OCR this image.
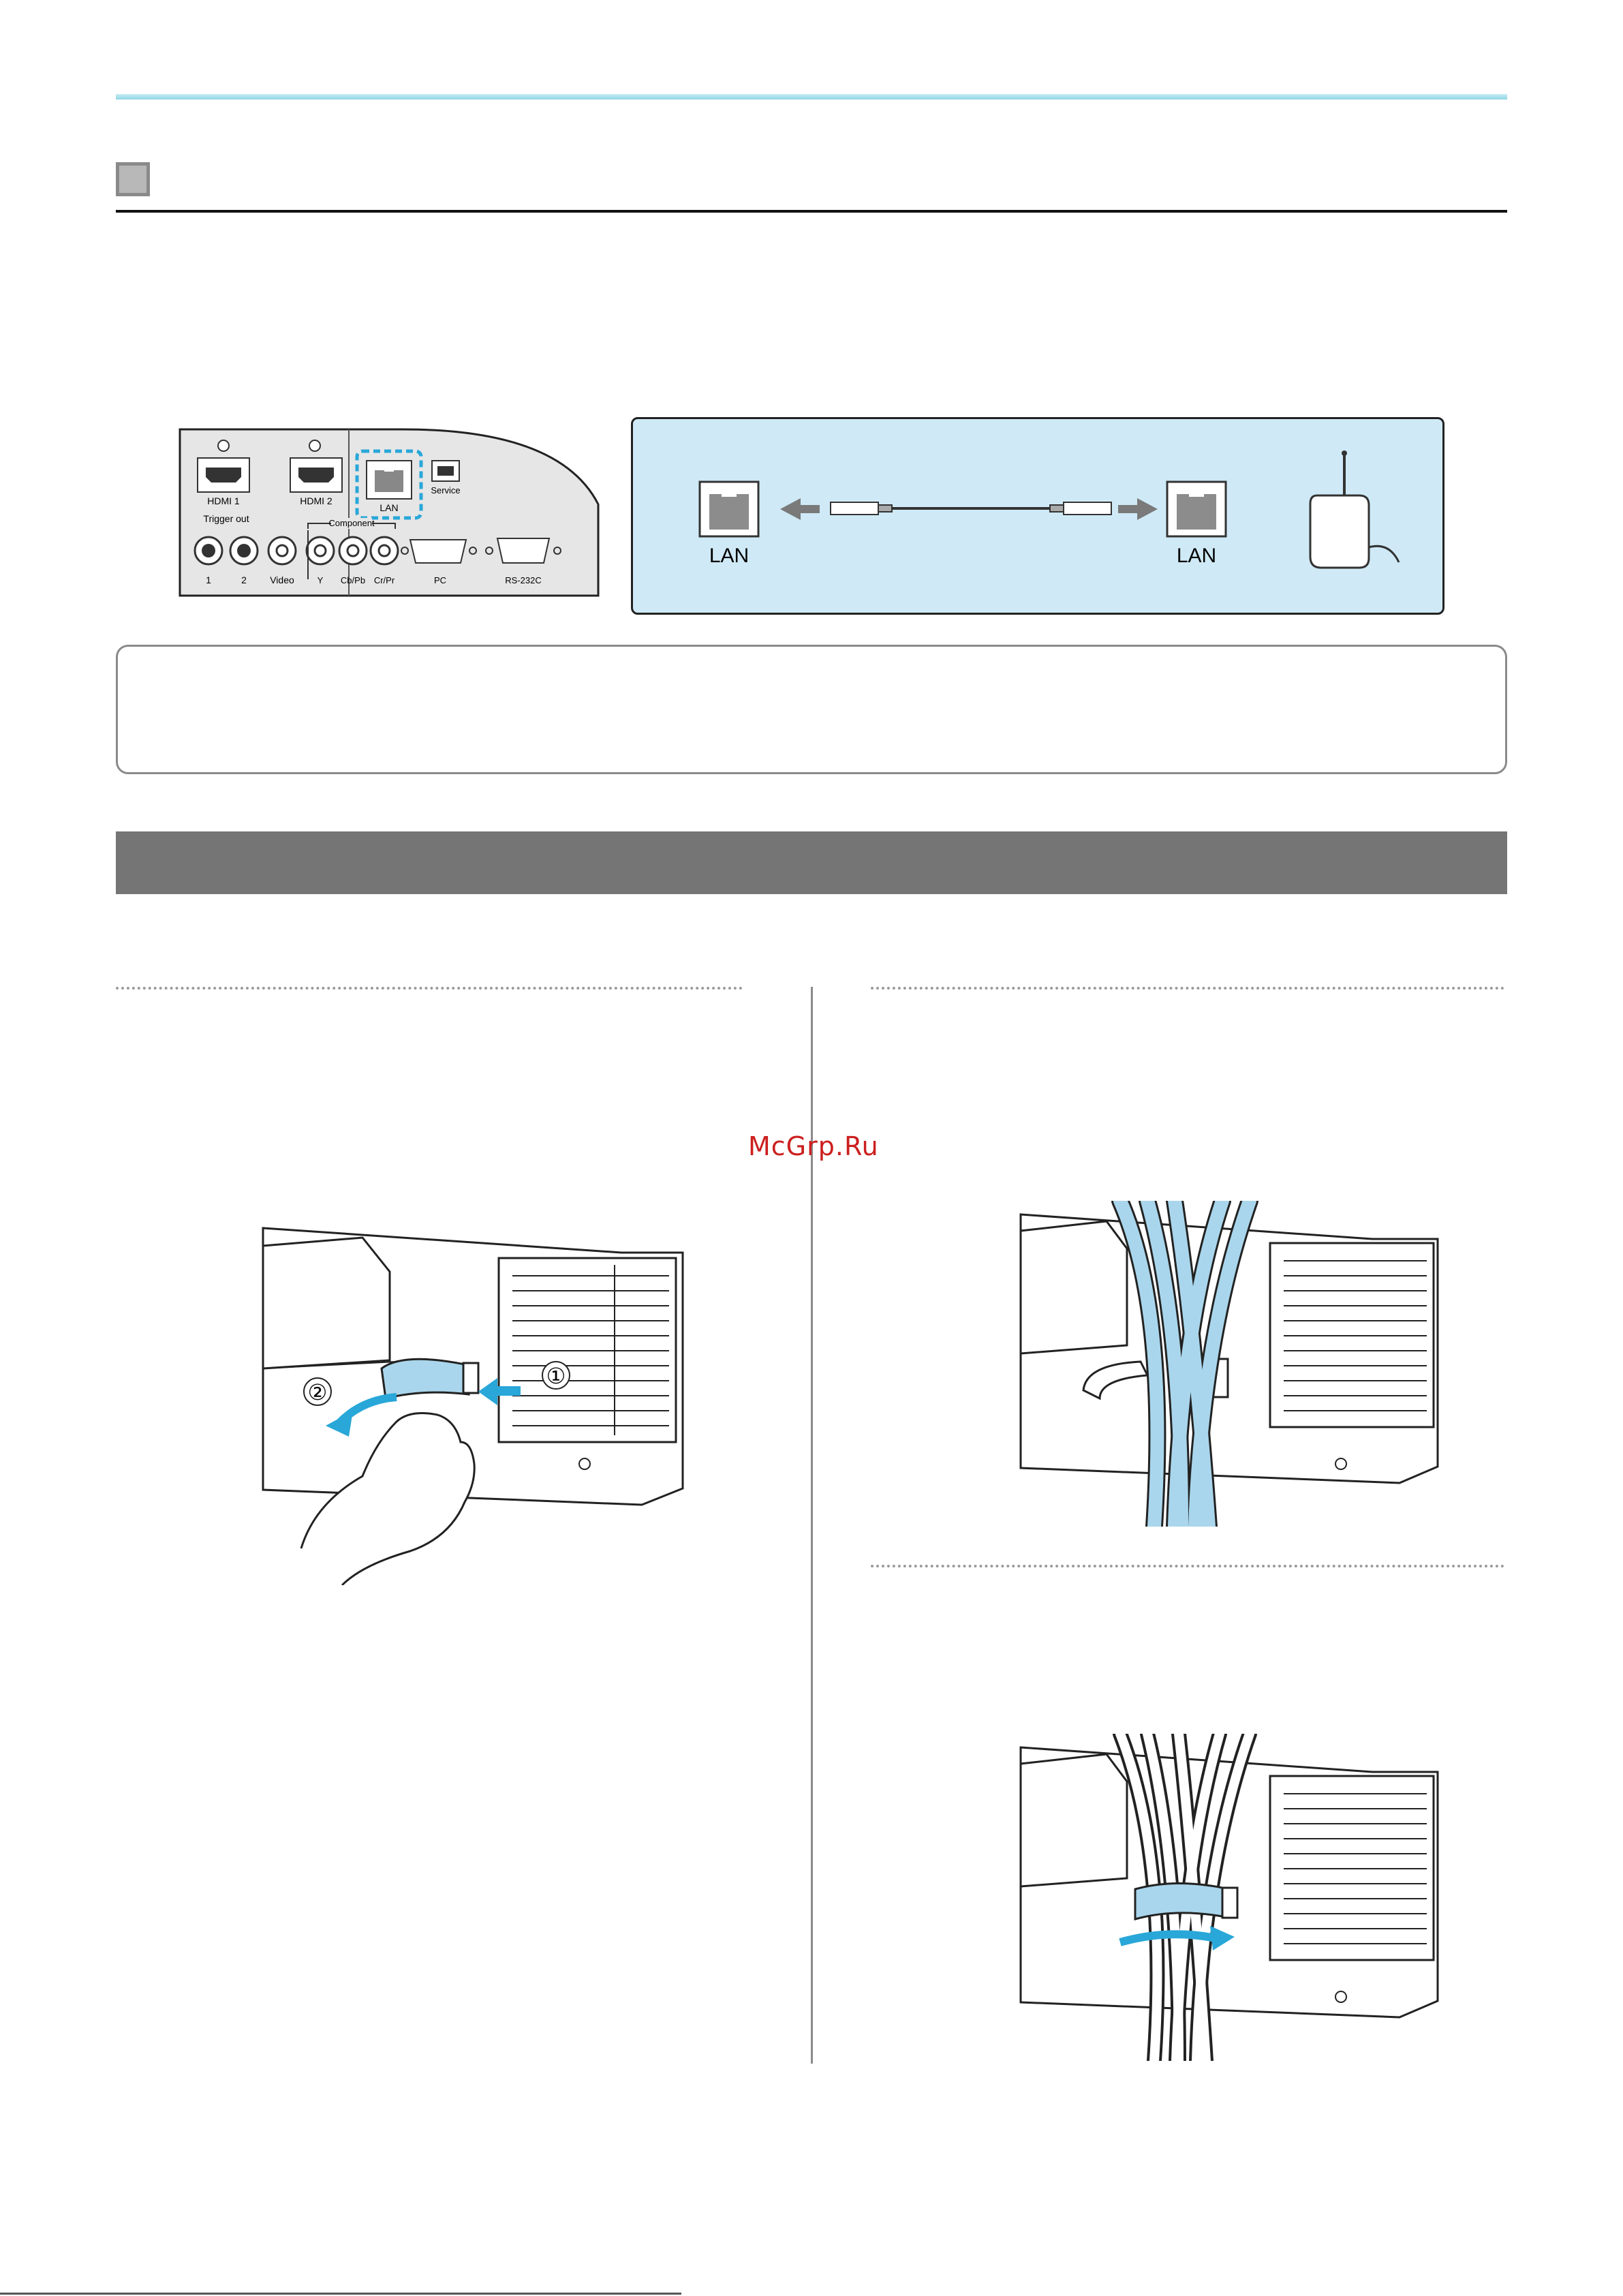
HDMI 1	HDMI 2
LAN
Service
Trigger out
1	2 Video
Component
Y Cb/Pb Cr/Pr	PC	RS-232C
LAN	LAN
McGrp.Ru
①
②
